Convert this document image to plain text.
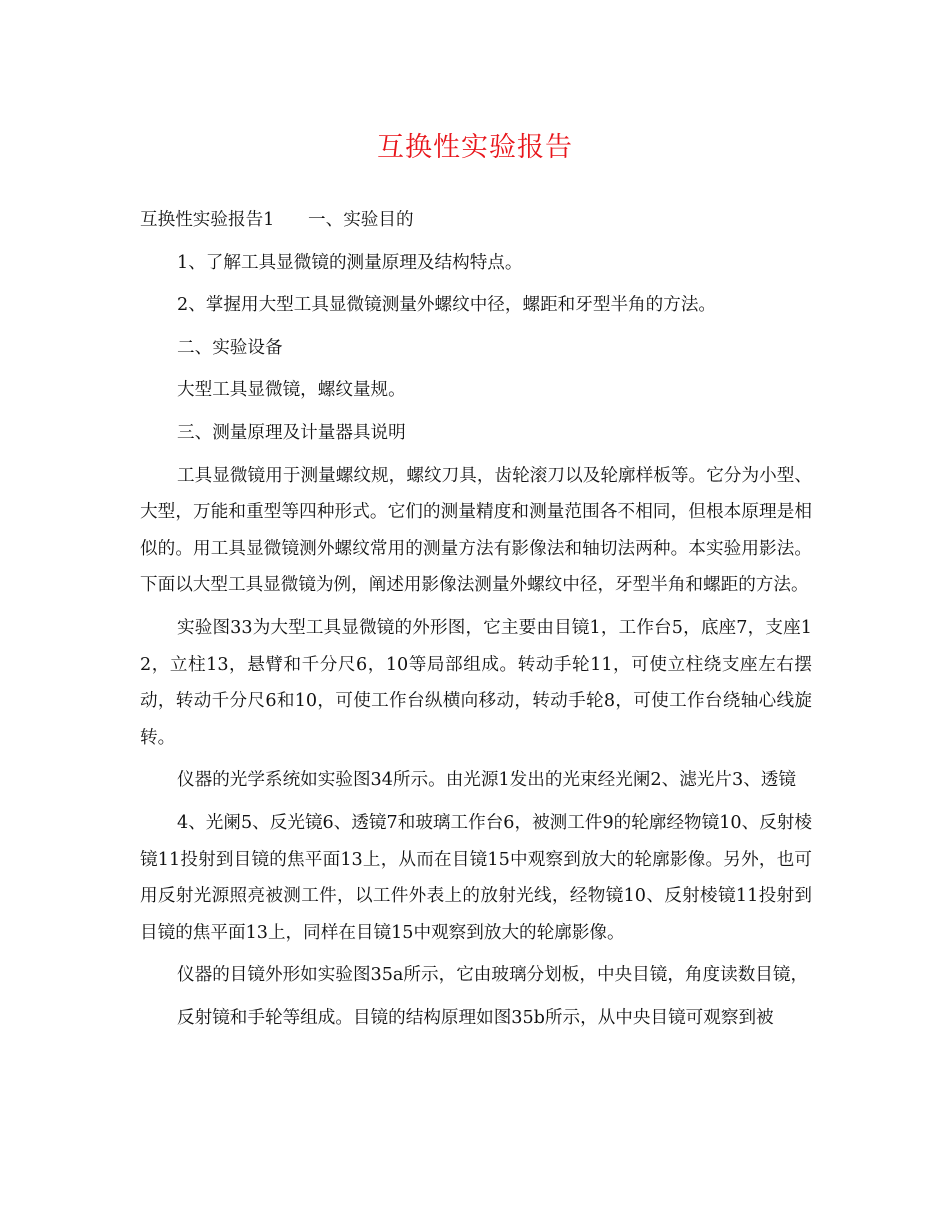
互换性实验报告

互换性实验报告1 一、实验目的

1、了解工具显微镜的测量原理及结构特点。

2、掌握用大型工具显微镜测量外螺纹中径，螺距和牙型半角的方法。

二、实验设备

大型工具显微镜，螺纹量规。

三、测量原理及计量器具说明

工具显微镜用于测量螺纹规，螺纹刀具，齿轮滚刀以及轮廓样板等。它分为小型、大型，万能和重型等四种形式。它们的测量精度和测量范围各不相同，但根本原理是相似的。用工具显微镜测外螺纹常用的测量方法有影像法和轴切法两种。本实验用影法。下面以大型工具显微镜为例，阐述用影像法测量外螺纹中径，牙型半角和螺距的方法。

实验图33为大型工具显微镜的外形图，它主要由目镜1，工作台5，底座7，支座12，立柱13，悬臂和千分尺6，10等局部组成。转动手轮11，可使立柱绕支座左右摆动，转动千分尺6和10，可使工作台纵横向移动，转动手轮8，可使工作台绕轴心线旋转。

仪器的光学系统如实验图34所示。由光源1发出的光束经光阑2、滤光片3、透镜

4、光阑5、反光镜6、透镜7和玻璃工作台6，被测工件9的轮廓经物镜10、反射棱镜11投射到目镜的焦平面13上，从而在目镜15中观察到放大的轮廓影像。另外，也可用反射光源照亮被测工件，以工件外表上的放射光线，经物镜10、反射棱镜11投射到目镜的焦平面13上，同样在目镜15中观察到放大的轮廓影像。

仪器的目镜外形如实验图35a所示，它由玻璃分划板，中央目镜，角度读数目镜，

反射镜和手轮等组成。目镜的结构原理如图35b所示，从中央目镜可观察到被
